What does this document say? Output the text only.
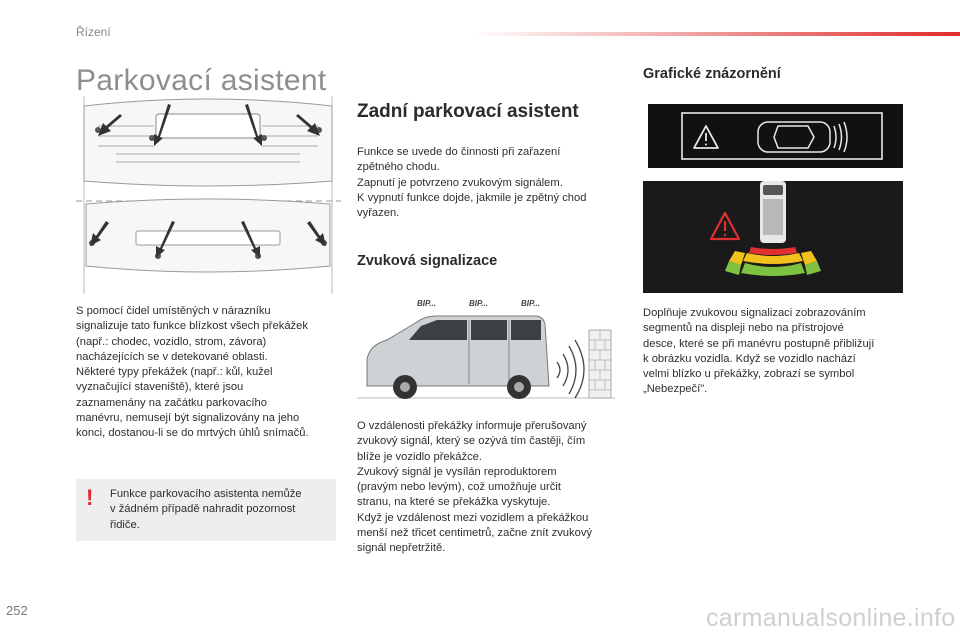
Řízení
Parkovací asistent

S pomocí čidel umístěných v nárazníku

signalizuje tato funkce blízkost všech překážek

(např.: chodec, vozidlo, strom, závora)

nacházejících se v detekované oblasti.

Některé typy překážek (např.: kůl, kužel

vyznačující staveniště), které jsou

zaznamenány na začátku parkovacího

manévru, nemusejí být signalizovány na jeho

konci, dostanou-li se do mrtvých úhlů snímačů.

! Funkce parkovacího asistenta nemůže

v žádném případě nahradit pozornost

řidiče.

Zadní parkovací asistent

Funkce se uvede do činnosti při zařazení

zpětného chodu.

Zapnutí je potvrzeno zvukovým signálem.

K vypnutí funkce dojde, jakmile je zpětný chod

vyřazen.

Zvuková signalizace
BIP...	BIP...	BIP...

O vzdálenosti překážky informuje přerušovaný

zvukový signál, který se ozývá tím častěji, čím

blíže je vozidlo překážce.

Zvukový signál je vysílán reproduktorem

(pravým nebo levým), což umožňuje určit

stranu, na které se překážka vyskytuje.

Když je vzdálenost mezi vozidlem a překážkou

menší než třicet centimetrů, začne znít zvukový

signál nepřetržitě.

Grafické znázornění

Doplňuje zvukovou signalizaci zobrazováním

segmentů na displeji nebo na přístrojové

desce, které se při manévru postupně přibližují

k obrázku vozidla. Když se vozidlo nachází

velmi blízko u překážky, zobrazí se symbol

„Nebezpečí".

252	carmanualsonline.info
